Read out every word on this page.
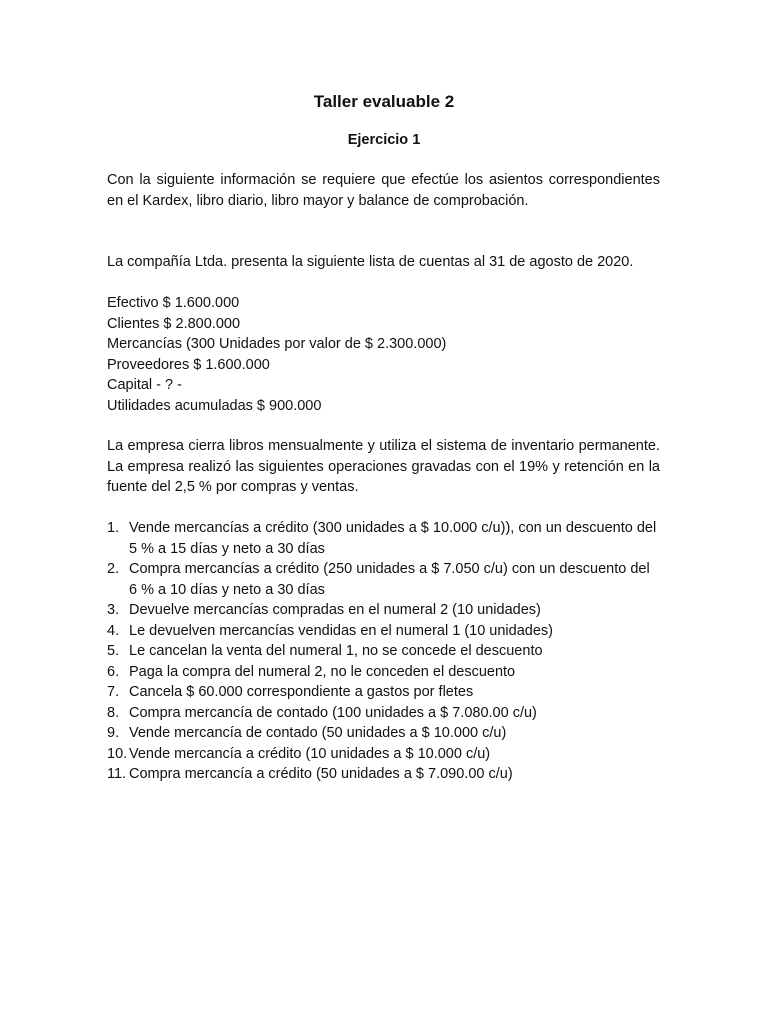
Taller evaluable 2
Ejercicio 1

Con la siguiente información se requiere que efectúe los asientos correspondientes en el Kardex, libro diario, libro mayor y balance de comprobación.

La compañía Ltda. presenta la siguiente lista de cuentas al 31 de agosto de 2020.

Efectivo $ 1.600.000
Clientes $ 2.800.000
Mercancías (300 Unidades por valor de $ 2.300.000)
Proveedores $ 1.600.000
Capital - ? -
Utilidades acumuladas $ 900.000

La empresa cierra libros mensualmente y utiliza el sistema de inventario permanente. La empresa realizó las siguientes operaciones gravadas con el 19% y retención en la fuente del 2,5 % por compras y ventas.

1. Vende mercancías a crédito (300 unidades a $ 10.000 c/u)), con un descuento del 5 % a 15 días y neto a 30 días
2. Compra mercancías a crédito (250 unidades a $ 7.050 c/u) con un descuento del 6 % a 10 días y neto a 30 días
3. Devuelve mercancías compradas en el numeral 2 (10 unidades)
4. Le devuelven mercancías vendidas en el numeral 1 (10 unidades)
5. Le cancelan la venta del numeral 1, no se concede el descuento
6. Paga la compra del numeral 2, no le conceden el descuento
7. Cancela $ 60.000 correspondiente a gastos por fletes
8. Compra mercancía de contado (100 unidades a $ 7.080.00 c/u)
9. Vende mercancía de contado (50 unidades a $ 10.000 c/u)
10. Vende mercancía a crédito (10 unidades a $ 10.000 c/u)
11. Compra mercancía a crédito (50 unidades a $ 7.090.00 c/u)
